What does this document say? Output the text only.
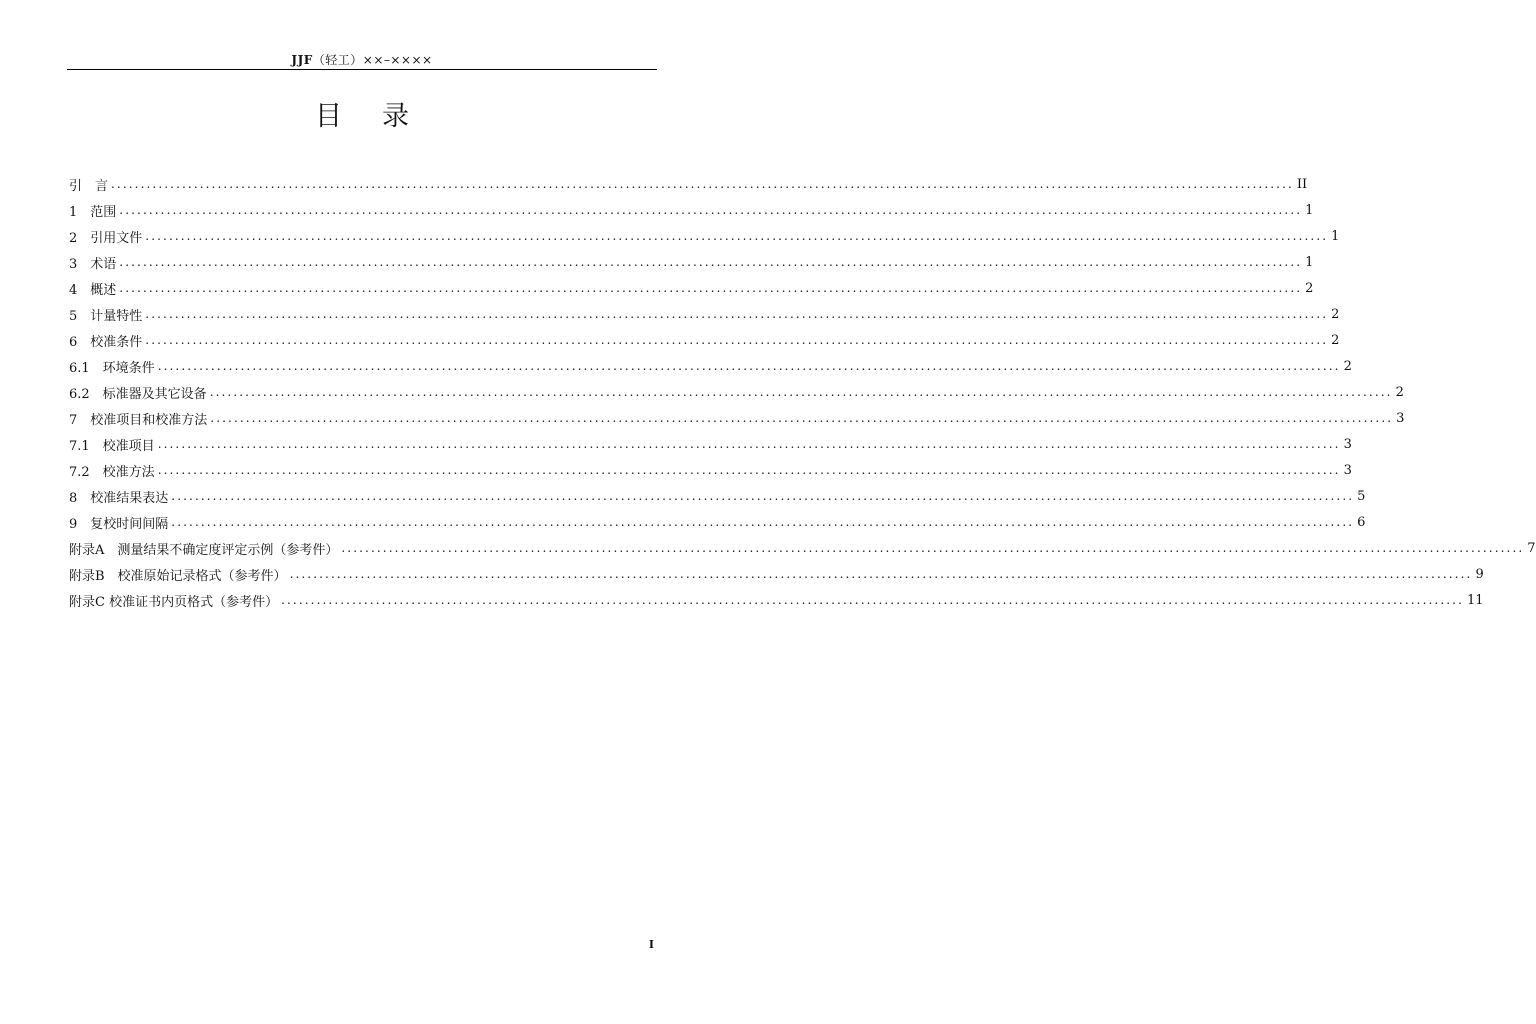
JJF（轻工）××–××××
目录
引　言 ........................................................................................................................................................................................................ II
1　范围 ........................................................................................................................................................................................................ 1
2　引用文件 ........................................................................................................................................................................................................ 1
3　术语 ........................................................................................................................................................................................................ 1
4　概述 ........................................................................................................................................................................................................ 2
5　计量特性 ........................................................................................................................................................................................................ 2
6　校准条件 ........................................................................................................................................................................................................ 2
6.1　环境条件 ........................................................................................................................................................................................................ 2
6.2　标准器及其它设备 ........................................................................................................................................................................................................ 2
7　校准项目和校准方法 ........................................................................................................................................................................................................ 3
7.1　校准项目 ........................................................................................................................................................................................................ 3
7.2　校准方法 ........................................................................................................................................................................................................ 3
8　校准结果表达 ........................................................................................................................................................................................................ 5
9　复校时间间隔 ........................................................................................................................................................................................................ 6
附录A　测量结果不确定度评定示例（参考件） ........................................................................................................................................................................................................ 7
附录B　校准原始记录格式（参考件） ........................................................................................................................................................................................................ 9
附录C 校准证书内页格式（参考件） ........................................................................................................................................................................................................ 11
I
